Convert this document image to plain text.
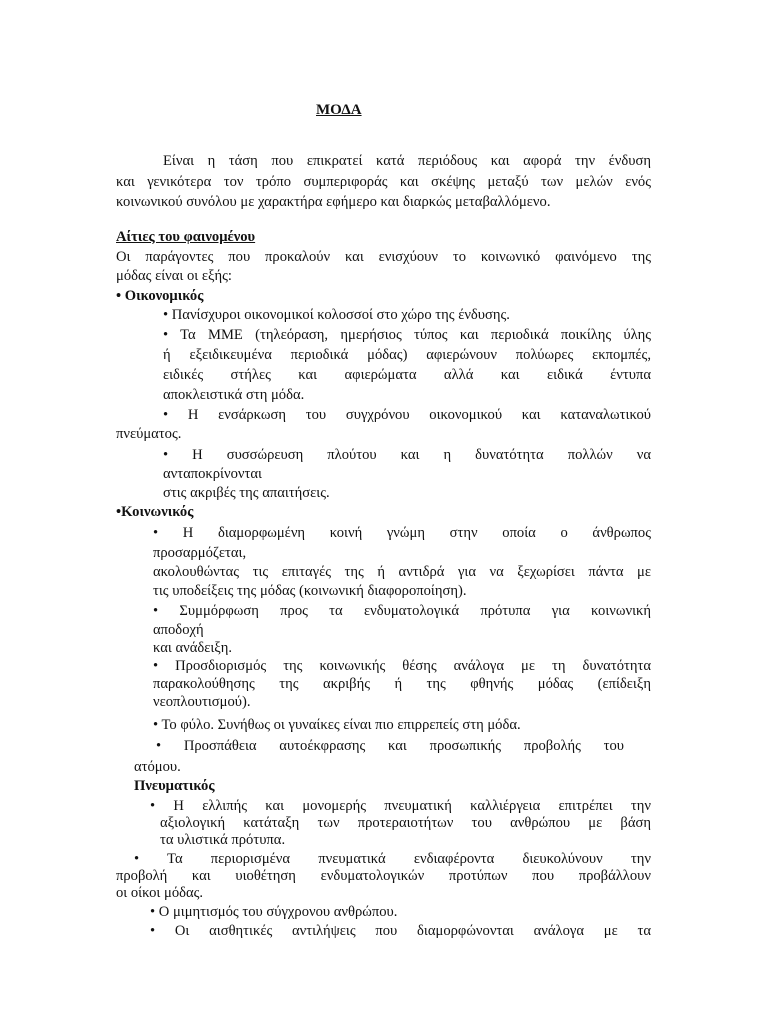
ΜΟΔΑ
Είναι η τάση που επικρατεί κατά περιόδους και αφορά την ένδυση
και γενικότερα τον τρόπο συμπεριφοράς και σκέψης μεταξύ των μελών ενός
κοινωνικού συνόλου με χαρακτήρα εφήμερο και διαρκώς μεταβαλλόμενο.
Αίτιες του φαινομένου
Οι παράγοντες που προκαλούν και ενισχύουν το κοινωνικό φαινόμενο της
μόδας είναι οι εξής:
• Οικονομικός
• Πανίσχυροι οικονομικοί κολοσσοί στο χώρο της ένδυσης.
• Τα ΜΜΕ (τηλεόραση, ημερήσιος τύπος και περιοδικά ποικίλης ύλης
ή εξειδικευμένα περιοδικά μόδας) αφιερώνουν πολύωρες εκπομπές,
ειδικές στήλες και αφιερώματα αλλά και ειδικά έντυπα
αποκλειστικά στη μόδα.
• Η ενσάρκωση του συγχρόνου οικονομικού και καταναλωτικού
πνεύματος.
• Η συσσώρευση πλούτου και η δυνατότητα πολλών να
ανταποκρίνονται
στις ακριβές της απαιτήσεις.
•Κοινωνικός
• Η διαμορφωμένη κοινή γνώμη στην οποία ο άνθρωπος
προσαρμόζεται,
ακολουθώντας τις επιταγές της ή αντιδρά για να ξεχωρίσει πάντα με
τις υποδείξεις της μόδας (κοινωνική διαφοροποίηση).
• Συμμόρφωση προς τα ενδυματολογικά πρότυπα για κοινωνική
αποδοχή
και ανάδειξη.
• Προσδιορισμός της κοινωνικής θέσης ανάλογα με τη δυνατότητα
παρακολούθησης της ακριβής ή της φθηνής μόδας (επίδειξη
νεοπλουτισμού).
• Το φύλο. Συνήθως οι γυναίκες είναι πιο επιρρεπείς στη μόδα.
• Προσπάθεια αυτοέκφρασης και προσωπικής προβολής του
ατόμου.
Πνευματικός
• Η ελλιπής και μονομερής πνευματική καλλιέργεια επιτρέπει την
αξιολογική κατάταξη των προτεραιοτήτων του ανθρώπου με βάση
τα υλιστικά πρότυπα.
• Τα περιορισμένα πνευματικά ενδιαφέροντα διευκολύνουν την
προβολή και υιοθέτηση ενδυματολογικών προτύπων που προβάλλουν
οι οίκοι μόδας.
• Ο μιμητισμός του σύγχρονου ανθρώπου.
• Οι αισθητικές αντιλήψεις που διαμορφώνονται ανάλογα με τα
